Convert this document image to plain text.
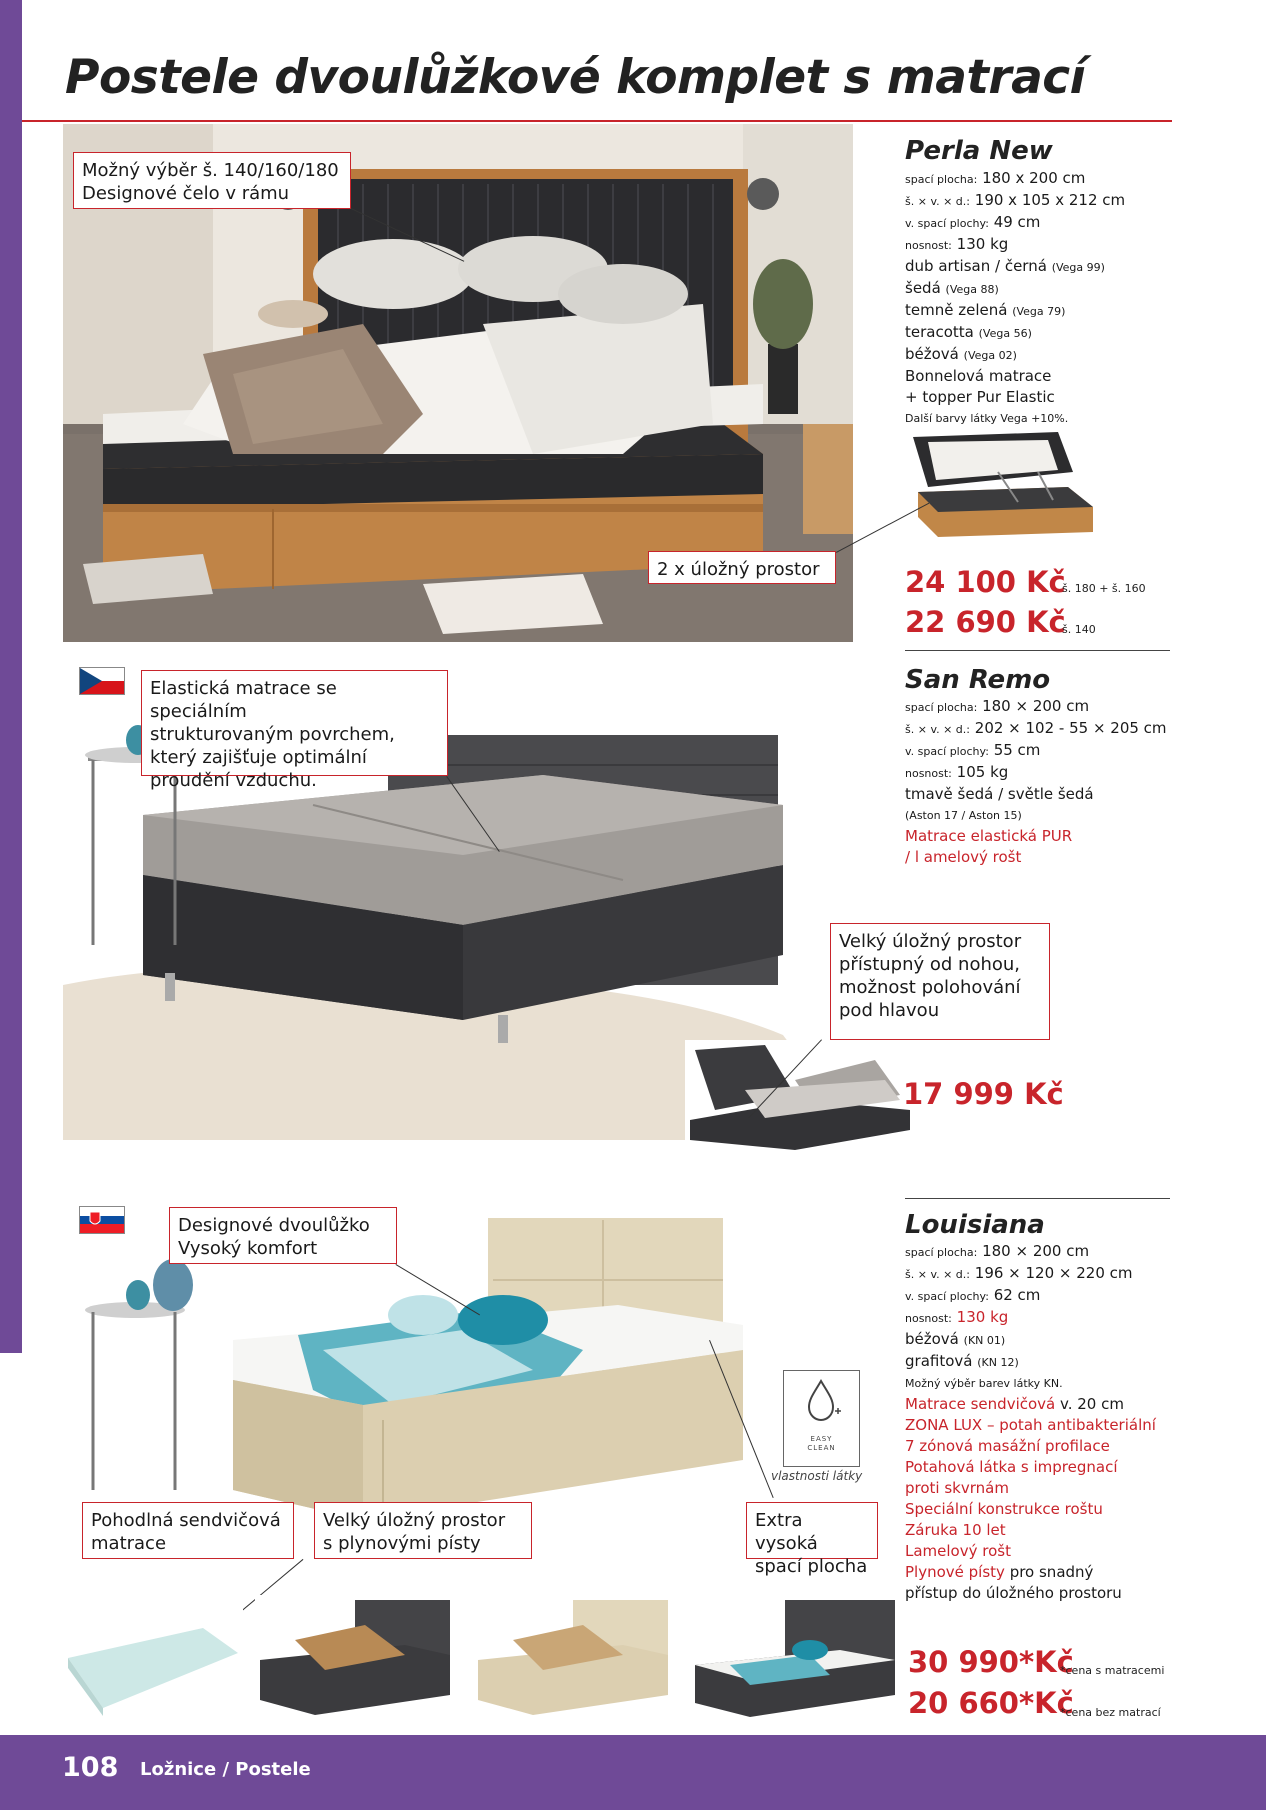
Postele dvoulůžkové komplet s matrací
Možný výběr š. 140/160/180
Designové čelo v rámu
2 x úložný prostor
Perla New
spací plocha: 180 x 200 cm
š. × v. × d.: 190 x 105 x 212 cm
v. spací plochy: 49 cm
nosnost: 130 kg
dub artisan / černá (Vega 99)
šedá (Vega 88)
temně zelená (Vega 79)
teracotta (Vega 56)
béžová (Vega 02)
Bonnelová matrace
+ topper Pur Elastic
Další barvy látky Vega +10%.
24 100 Kč
š. 180 + š. 160
22 690 Kč
š. 140
Elastická matrace se speciálním
strukturovaným povrchem,
který zajišťuje optimální
proudění vzduchu.
Velký úložný prostor
přístupný od nohou,
možnost polohování
pod hlavou
San Remo
spací plocha: 180 × 200 cm
š. × v. × d.: 202 × 102 - 55 × 205 cm
v. spací plochy: 55 cm
nosnost: 105 kg
tmavě šedá / světle šedá
(Aston 17 / Aston 15)
Matrace elastická PUR
/ l amelový rošt
17 999 Kč
Designové dvoulůžko
Vysoký komfort
EASY
CLEAN
vlastnosti látky
Pohodlná sendvičová
matrace
Velký úložný prostor
s plynovými písty
Extra vysoká
spací plocha
Louisiana
spací plocha: 180 × 200 cm
š. × v. × d.: 196 × 120 × 220 cm
v. spací plochy: 62 cm
nosnost: 130 kg
béžová (KN 01)
grafitová (KN 12)
Možný výběr barev látky KN.
Matrace sendvičová v. 20 cm
ZONA LUX – potah antibakteriální
7 zónová masážní profilace
Potahová látka s impregnací
proti skvrnám
Speciální konstrukce roštu
Záruka 10 let
Lamelový rošt
Plynové písty pro snadný
přístup do úložného prostoru
30 990*Kč
*cena s matracemi
20 660*Kč
*cena bez matrací
108 Ložnice / Postele
